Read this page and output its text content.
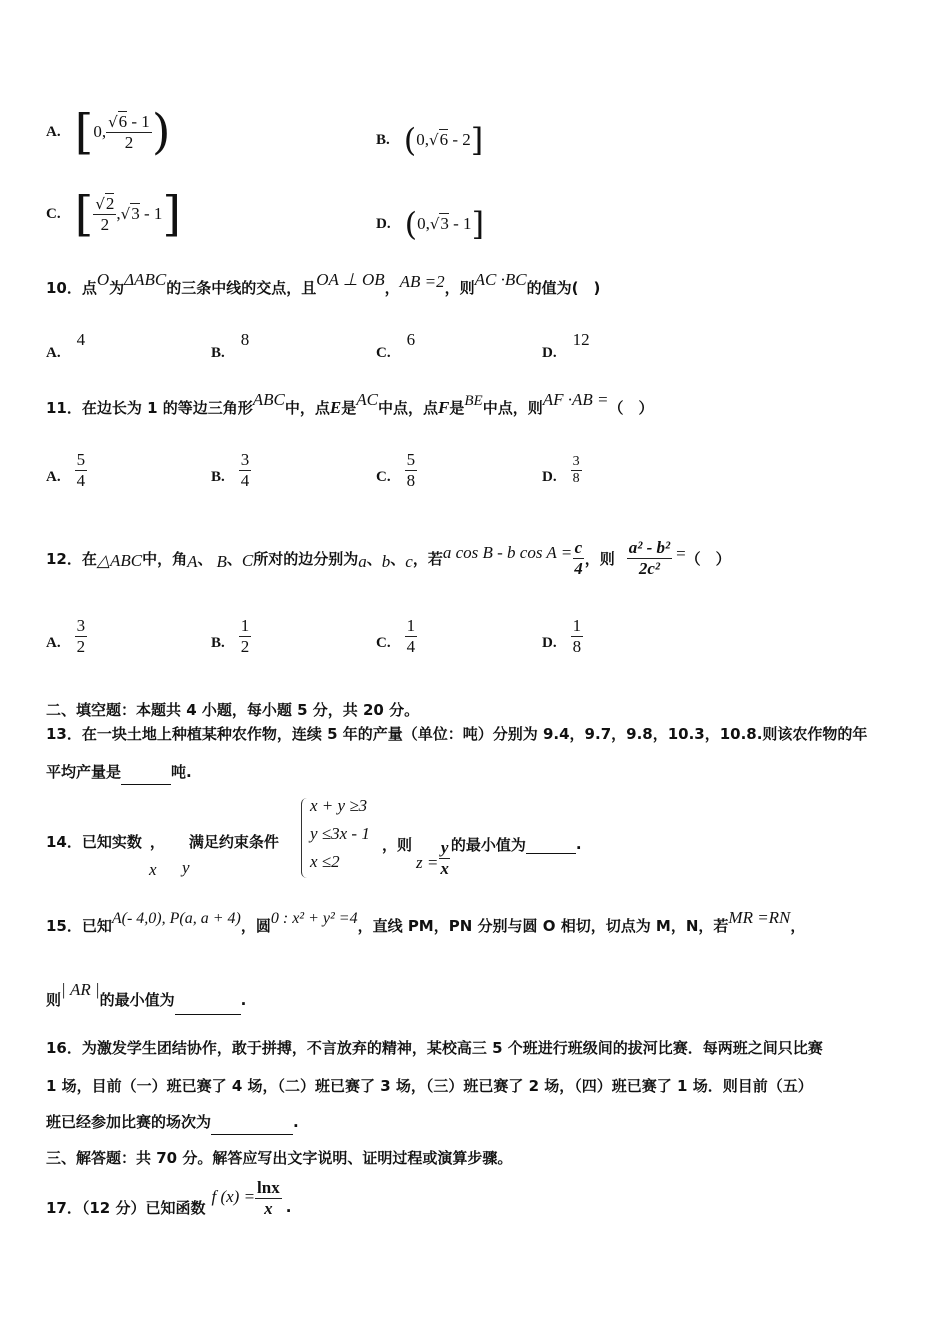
A. [ 0, $\frac{√6 - 1}{2}$ )	B. ( 0, √6 - 2 ]
C. [ $\frac{√2}{2}$ , √3 - 1 ]	D. ( 0, √3 - 1 ]
10．点O为ΔABC的三条中线的交点，且OA ⊥ OB，AB =2，则AC ·BC的值为(　)
A.4
B.8
C.6
D.12
11．在边长为 1 的等边三角形ABC中，点E是AC中点，点F是BE中点，则AF ·AB =（　）
A. $\frac{5}{4}$	B. $\frac{3}{4}$	C. $\frac{5}{8}$	D. $\frac{3}{8}$
12．在 △ABC 中，角 A 、 B 、 C 所对的边分别为 a 、 b 、 c ，若 a cos B - b $\cos A = \frac{c}{4}$ ，则 $\frac{\text{a² - b²}}{\text{2c²}}$ = （　）
A. $\frac{3}{2}$	B. $\frac{1}{2}$	C. $\frac{1}{4}$	D. $\frac{1}{8}$
二、填空题：本题共 4 小题，每小题 5 分，共 20 分。
13．在一块土地上种植某种农作物，连续 5 年的产量（单位：吨）分别为 9.4，9.7，9.8，10.3，10.8.则该农作物的年
平均产量是	吨.
14．已知实数 ， 满足约束条件
x y
x + y ≥3
y ≤3x - 1
x ≤2
，则
$z = \frac{y}{x}$ 的最小值为
	.
15．已知A(- 4,0), P(a, a + 4)，圆0 : x² + y² =4，直线 PM，PN 分别与圆 O 相切，切点为 M，N，若MR =RN，
则| AR |的最小值为	.
16．为激发学生团结协作，敢于拼搏，不言放弃的精神，某校高三 5 个班进行班级间的拔河比赛．每两班之间只比赛
1 场，目前（一）班已赛了 4 场，（二）班已赛了 3 场，（三）班已赛了 2 场，（四）班已赛了 1 场．则目前（五）
班已经参加比赛的场次为	.
三、解答题：共 70 分。解答应写出文字说明、证明过程或演算步骤。
17．（12 分）已知函数
f $(x) = \frac{\ln x}{x}$ .
